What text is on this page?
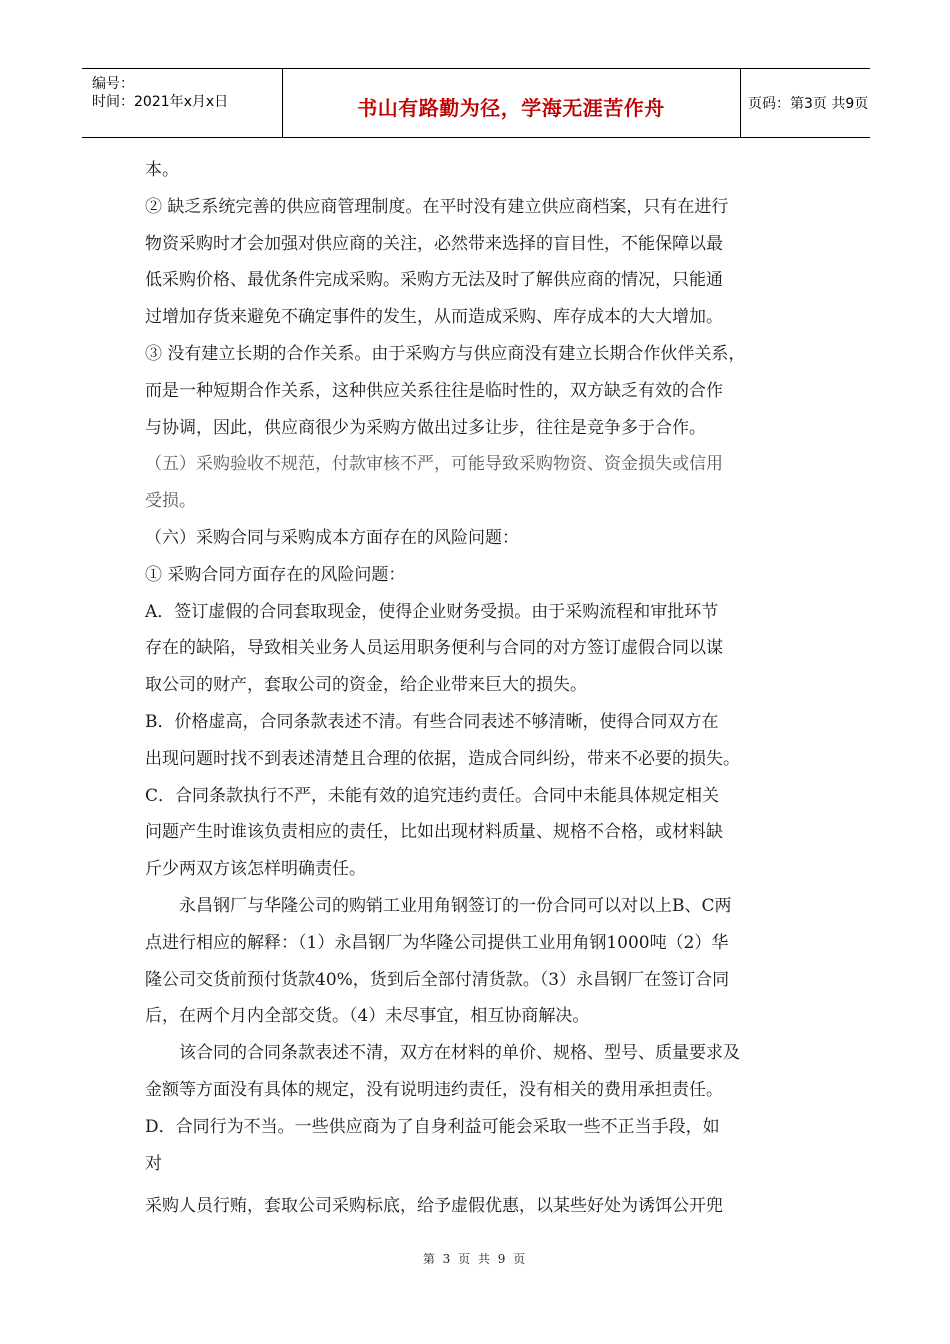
编号：
时间：2021年x月x日	书山有路勤为径，学海无涯苦作舟	页码：第3页 共9页
本。
② 缺乏系统完善的供应商管理制度。在平时没有建立供应商档案，只有在进行
物资采购时才会加强对供应商的关注，必然带来选择的盲目性，不能保障以最
低采购价格、最优条件完成采购。采购方无法及时了解供应商的情况，只能通
过增加存货来避免不确定事件的发生，从而造成采购、库存成本的大大增加。
③ 没有建立长期的合作关系。由于采购方与供应商没有建立长期合作伙伴关系，
而是一种短期合作关系，这种供应关系往往是临时性的，双方缺乏有效的合作
与协调，因此，供应商很少为采购方做出过多让步，往往是竞争多于合作。
（五）采购验收不规范，付款审核不严，可能导致采购物资、资金损失或信用
受损。
（六）采购合同与采购成本方面存在的风险问题：
① 采购合同方面存在的风险问题：
A．签订虚假的合同套取现金，使得企业财务受损。由于采购流程和审批环节
存在的缺陷，导致相关业务人员运用职务便利与合同的对方签订虚假合同以谋
取公司的财产，套取公司的资金，给企业带来巨大的损失。
B．价格虚高，合同条款表述不清。有些合同表述不够清晰，使得合同双方在
出现问题时找不到表述清楚且合理的依据，造成合同纠纷，带来不必要的损失。
C．合同条款执行不严，未能有效的追究违约责任。合同中未能具体规定相关
问题产生时谁该负责相应的责任，比如出现材料质量、规格不合格，或材料缺
斤少两双方该怎样明确责任。
永昌钢厂与华隆公司的购销工业用角钢签订的一份合同可以对以上B、C两
点进行相应的解释：（1）永昌钢厂为华隆公司提供工业用角钢1000吨（2）华
隆公司交货前预付货款40%，货到后全部付清货款。（3）永昌钢厂在签订合同
后，在两个月内全部交货。（4）未尽事宜，相互协商解决。
该合同的合同条款表述不清，双方在材料的单价、规格、型号、质量要求及
金额等方面没有具体的规定，没有说明违约责任，没有相关的费用承担责任。
D．合同行为不当。一些供应商为了自身利益可能会采取一些不正当手段，如
对
采购人员行贿，套取公司采购标底，给予虚假优惠，以某些好处为诱饵公开兜
第 3 页 共 9 页
